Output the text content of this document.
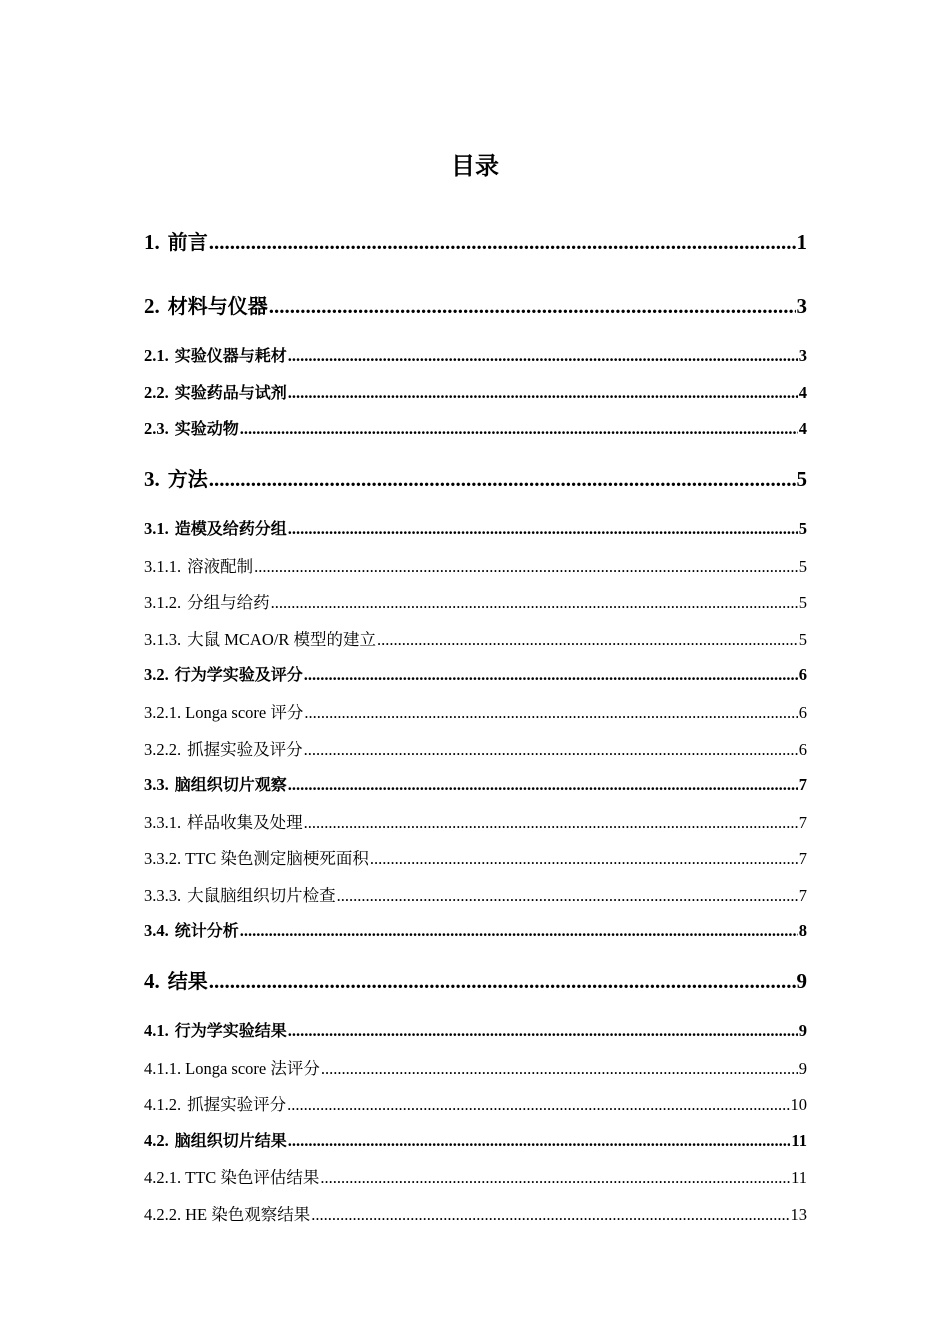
目录
1. 前言 .....	1
2. 材料与仪器 .....	3
2.1. 实验仪器与耗材 .....	3
2.2. 实验药品与试剂 .....	4
2.3. 实验动物 .....	4
3. 方法 .....	5
3.1. 造模及给药分组 .....	5
3.1.1. 溶液配制 .....	5
3.1.2. 分组与给药 .....	5
3.1.3. 大鼠 MCAO/R 模型的建立 .....	5
3.2. 行为学实验及评分 .....	6
3.2.1. Longa score 评分 .....	6
3.2.2. 抓握实验及评分 .....	6
3.3. 脑组织切片观察 .....	7
3.3.1. 样品收集及处理 .....	7
3.3.2. TTC 染色测定脑梗死面积 .....	7
3.3.3. 大鼠脑组织切片检查 .....	7
3.4. 统计分析 .....	8
4. 结果 .....	9
4.1. 行为学实验结果 .....	9
4.1.1. Longa score 法评分 .....	9
4.1.2. 抓握实验评分 .....	10
4.2. 脑组织切片结果 .....	11
4.2.1. TTC 染色评估结果 .....	11
4.2.2. HE 染色观察结果 .....	13
